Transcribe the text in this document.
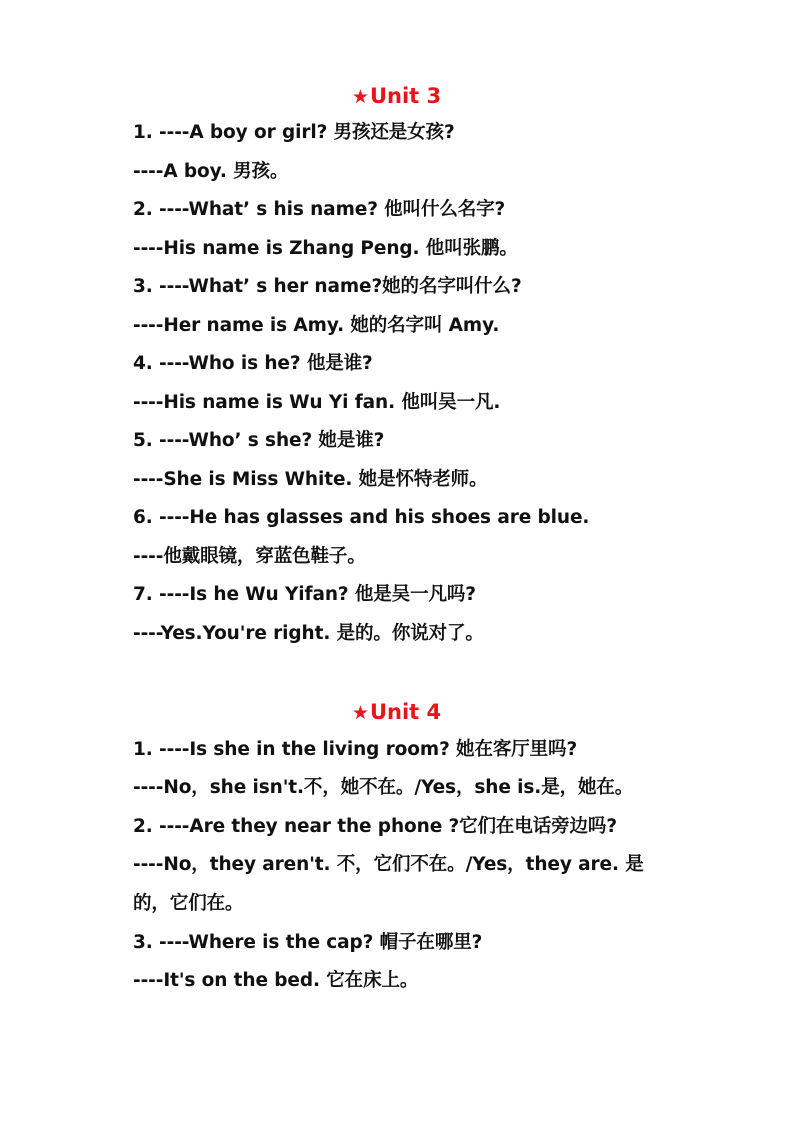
★Unit 3
1. ----A boy or girl? 男孩还是女孩?
----A boy. 男孩。
2. ----What’ s his name? 他叫什么名字?
----His name is Zhang Peng. 他叫张鹏。
3. ----What’ s her name?她的名字叫什么?
----Her name is Amy. 她的名字叫 Amy.
4. ----Who is he? 他是谁?
----His name is Wu Yi fan. 他叫吴一凡.
5. ----Who’ s she? 她是谁?
----She is Miss White. 她是怀特老师。
6. ----He has glasses and his shoes are blue.
----他戴眼镜，穿蓝色鞋子。
7. ----Is he Wu Yifan? 他是吴一凡吗?
----Yes.You're right. 是的。你说对了。
★Unit 4
1. ----Is she in the living room? 她在客厅里吗?
----No，she isn't.不，她不在。/Yes，she is.是，她在。
2. ----Are they near the phone ?它们在电话旁边吗?
----No，they aren't. 不，它们不在。/Yes，they are. 是
的，它们在。
3. ----Where is the cap? 帽子在哪里?
----It's on the bed. 它在床上。
